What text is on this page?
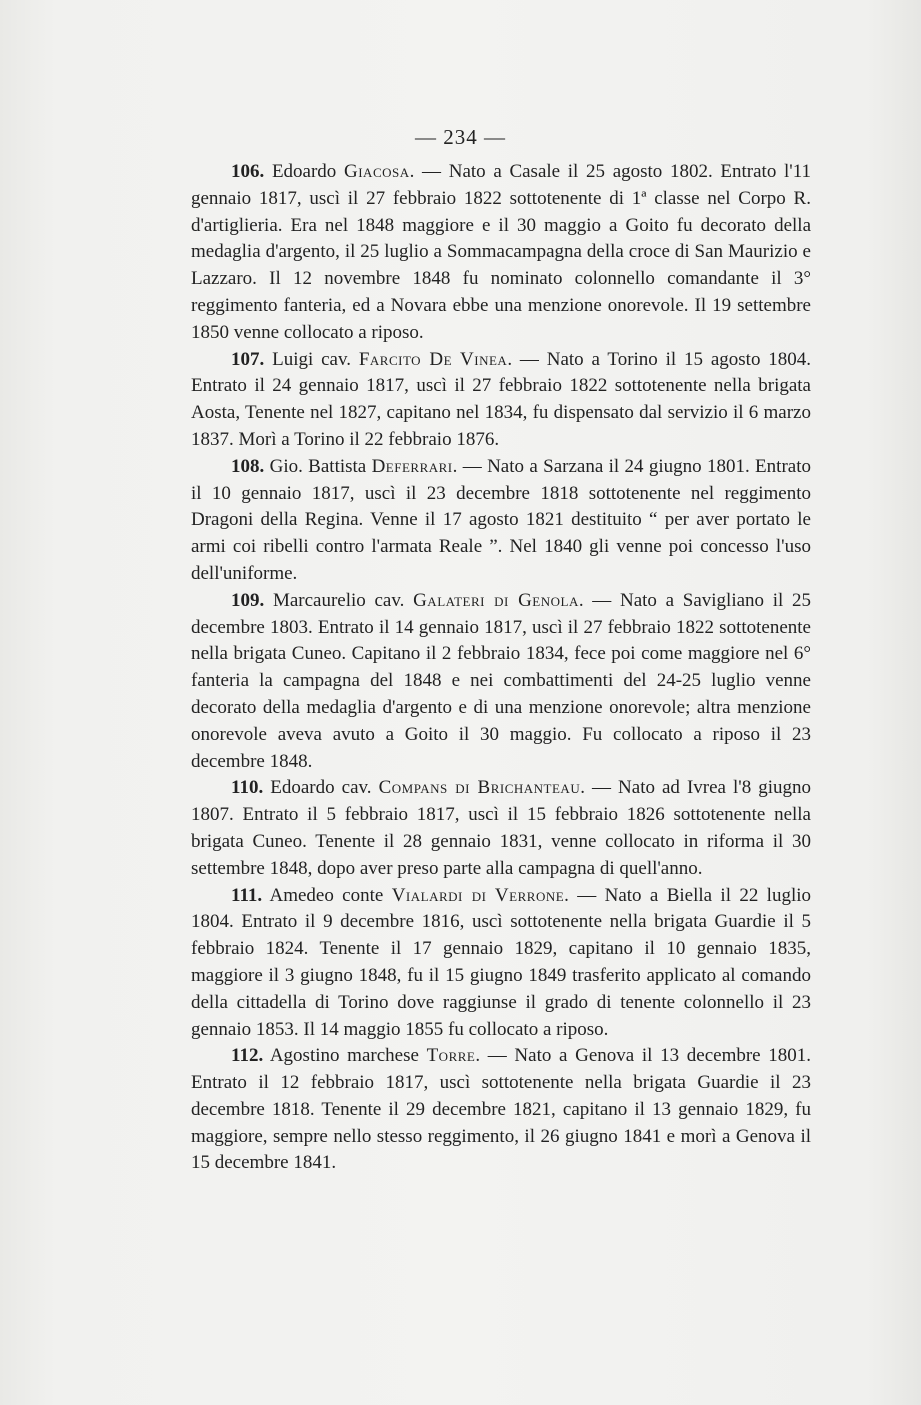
— 234 —

106. Edoardo Giacosa. — Nato a Casale il 25 agosto 1802. Entrato l'11 gennaio 1817, uscì il 27 febbraio 1822 sottotenente di 1ª classe nel Corpo R. d'artiglieria. Era nel 1848 maggiore e il 30 maggio a Goito fu decorato della medaglia d'argento, il 25 luglio a Sommacampagna della croce di San Maurizio e Lazzaro. Il 12 novembre 1848 fu nominato colonnello comandante il 3° reggimento fanteria, ed a Novara ebbe una menzione onorevole. Il 19 settembre 1850 venne collocato a riposo.

107. Luigi cav. Farcito De Vinea. — Nato a Torino il 15 agosto 1804. Entrato il 24 gennaio 1817, uscì il 27 febbraio 1822 sottotenente nella brigata Aosta, Tenente nel 1827, capitano nel 1834, fu dispensato dal servizio il 6 marzo 1837. Morì a Torino il 22 febbraio 1876.

108. Gio. Battista Deferrari. — Nato a Sarzana il 24 giugno 1801. Entrato il 10 gennaio 1817, uscì il 23 decembre 1818 sottotenente nel reggimento Dragoni della Regina. Venne il 17 agosto 1821 destituito “ per aver portato le armi coi ribelli contro l'armata Reale ”. Nel 1840 gli venne poi concesso l'uso dell'uniforme.

109. Marcaurelio cav. Galateri di Genola. — Nato a Savigliano il 25 decembre 1803. Entrato il 14 gennaio 1817, uscì il 27 febbraio 1822 sottotenente nella brigata Cuneo. Capitano il 2 febbraio 1834, fece poi come maggiore nel 6° fanteria la campagna del 1848 e nei combattimenti del 24-25 luglio venne decorato della medaglia d'argento e di una menzione onorevole; altra menzione onorevole aveva avuto a Goito il 30 maggio. Fu collocato a riposo il 23 decembre 1848.

110. Edoardo cav. Compans di Brichanteau. — Nato ad Ivrea l'8 giugno 1807. Entrato il 5 febbraio 1817, uscì il 15 febbraio 1826 sottotenente nella brigata Cuneo. Tenente il 28 gennaio 1831, venne collocato in riforma il 30 settembre 1848, dopo aver preso parte alla campagna di quell'anno.

111. Amedeo conte Vialardi di Verrone. — Nato a Biella il 22 luglio 1804. Entrato il 9 decembre 1816, uscì sottotenente nella brigata Guardie il 5 febbraio 1824. Tenente il 17 gennaio 1829, capitano il 10 gennaio 1835, maggiore il 3 giugno 1848, fu il 15 giugno 1849 trasferito applicato al comando della cittadella di Torino dove raggiunse il grado di tenente colonnello il 23 gennaio 1853. Il 14 maggio 1855 fu collocato a riposo.

112. Agostino marchese Torre. — Nato a Genova il 13 decembre 1801. Entrato il 12 febbraio 1817, uscì sottotenente nella brigata Guardie il 23 decembre 1818. Tenente il 29 decembre 1821, capitano il 13 gennaio 1829, fu maggiore, sempre nello stesso reggimento, il 26 giugno 1841 e morì a Genova il 15 decembre 1841.
